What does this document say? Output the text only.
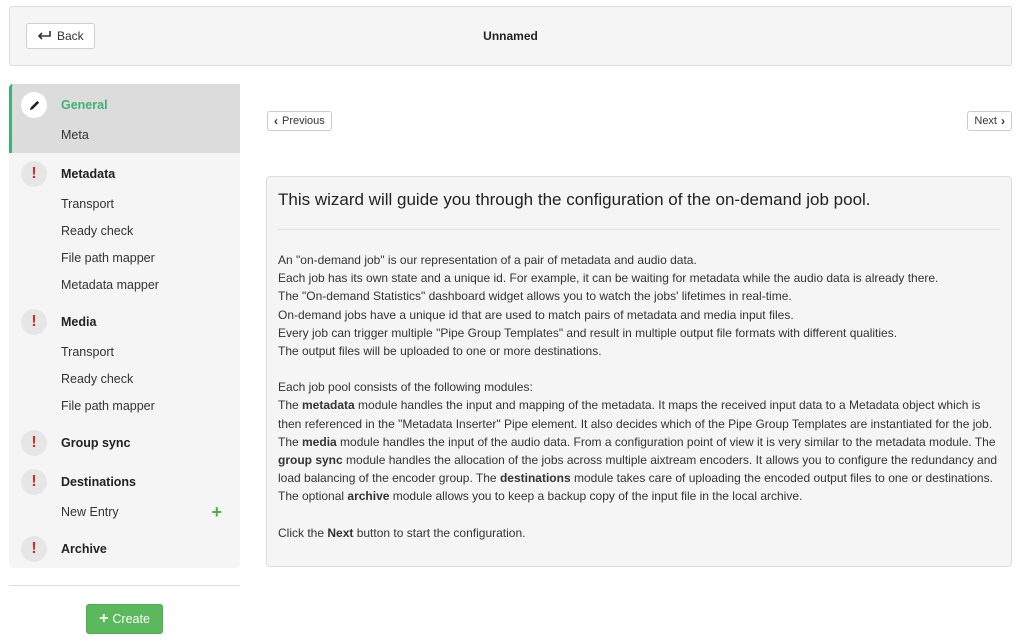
Back	Unnamed
General
Meta
!	Metadata
Transport
Ready check
File path mapper
Metadata mapper
!	Media
Transport
Ready check
File path mapper
!	Group sync
!	Destinations
New Entry	+
!	Archive
+ Create
‹ Previous	Next ›
This wizard will guide you through the configuration of the on-demand job pool.

An "on-demand job" is our representation of a pair of metadata and audio data.

Each job has its own state and a unique id. For example, it can be waiting for metadata while the audio data is already there.

The "On-demand Statistics" dashboard widget allows you to watch the jobs' lifetimes in real-time.

On-demand jobs have a unique id that are used to match pairs of metadata and media input files.

Every job can trigger multiple "Pipe Group Templates" and result in multiple output file formats with different qualities.

The output files will be uploaded to one or more destinations.

Each job pool consists of the following modules:

The metadata module handles the input and mapping of the metadata. It maps the received input data to a Metadata object which is then referenced in the "Metadata Inserter" Pipe element. It also decides which of the Pipe Group Templates are instantiated for the job. The media module handles the input of the audio data. From a configuration point of view it is very similar to the metadata module. The group sync module handles the allocation of the jobs across multiple aixtream encoders. It allows you to configure the redundancy and load balancing of the encoder group. The destinations module takes care of uploading the encoded output files to one or destinations. The optional archive module allows you to keep a backup copy of the input file in the local archive.

Click the Next button to start the configuration.
